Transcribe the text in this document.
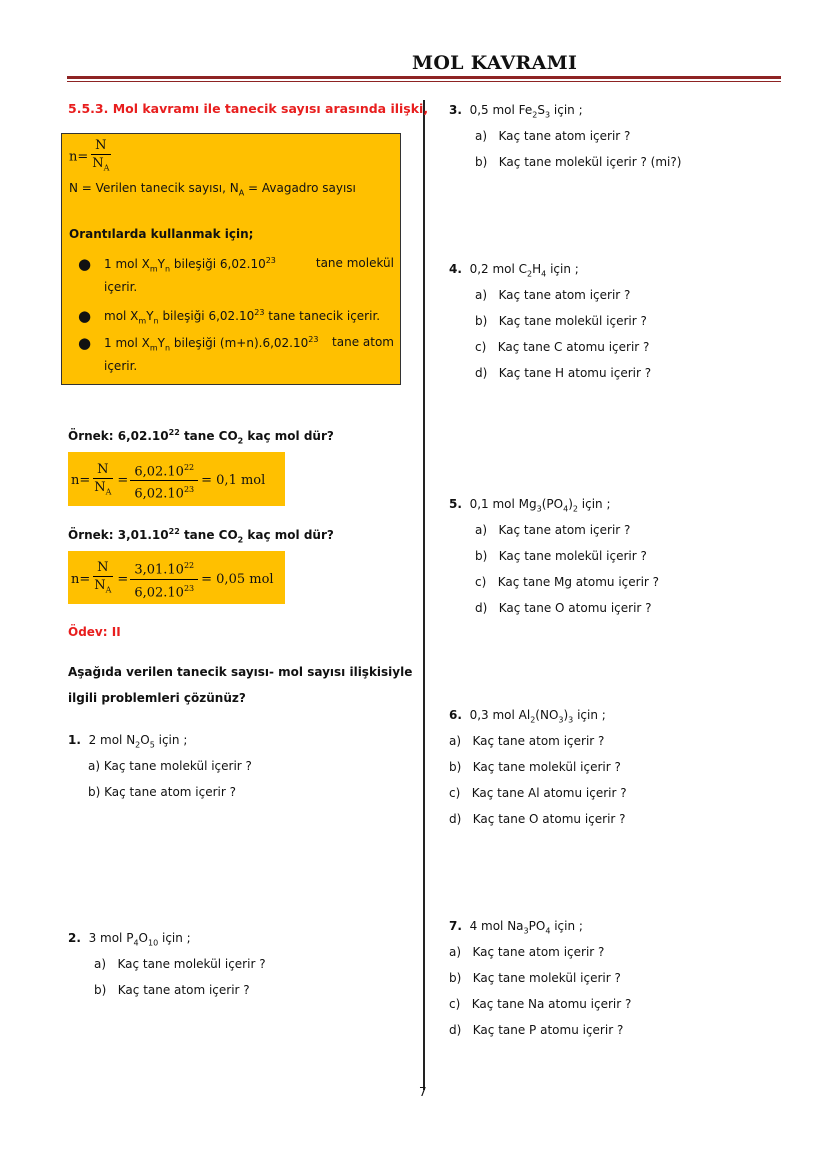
MOL KAVRAMI
7
5.5.3. Mol kavramı ile tanecik sayısı arasında ilişki,
$n= \frac{N}{N_A}$
N = Verilen tanecik sayısı, $N_A$ = Avagadro sayısı
Orantılarda kullanmak için;
● 1 mol $X_mY_n$ bileşiği 6,02.10$^{23}$	tane molekül
içerir.
● mol $X_mY_n$ bileşiği 6,02.10$^{23}$ tane tanecik içerir.
● 1 mol $X_mY_n$ bileşiği $(m+n).6,02.10^{23}$ tane atom
içerir.
Örnek: 6,02.10$^{22}$ tane $CO_2$ kaç mol dür?
$n= \frac{N}{N_A} = \frac{6,02.10^{22}}{6,02.10^{23}} = 0,1$ mol
Örnek: 3,01.10$^{22}$ tane $CO_2$ kaç mol dür?
$n= \frac{N}{N_A} = \frac{3,01.10^{22}}{6,02.10^{23}} = 0,05$ mol
Ödev: II
Aşağıda verilen tanecik sayısı- mol sayısı ilişkisiyle
ilgili problemleri çözünüz?
1. 2 mol $N_2O_5$ için ;
a) Kaç tane molekül içerir ?
b) Kaç tane atom içerir ?
2. 3 mol $P_4O_{10}$ için ;
a) Kaç tane molekül içerir ?
b) Kaç tane atom içerir ?
3. 0,5 mol $Fe_2S_3$ için ;
a) Kaç tane atom içerir ?
b) Kaç tane molekül içerir ? (mi?)
4. 0,2 mol $C_2H_4$ için ;
a) Kaç tane atom içerir ?
b) Kaç tane molekül içerir ?
c) Kaç tane C atomu içerir ?
d) Kaç tane H atomu içerir ?
5. 0,1 mol $Mg_3(PO_4)_2$ için ;
a) Kaç tane atom içerir ?
b) Kaç tane molekül içerir ?
c) Kaç tane Mg atomu içerir ?
d) Kaç tane O atomu içerir ?
6. 0,3 mol $Al_2(NO_3)_3$ için ;
a) Kaç tane atom içerir ?
b) Kaç tane molekül içerir ?
c) Kaç tane Al atomu içerir ?
d) Kaç tane O atomu içerir ?
7. 4 mol $Na_3PO_4$ için ;
a) Kaç tane atom içerir ?
b) Kaç tane molekül içerir ?
c) Kaç tane Na atomu içerir ?
d) Kaç tane P atomu içerir ?
